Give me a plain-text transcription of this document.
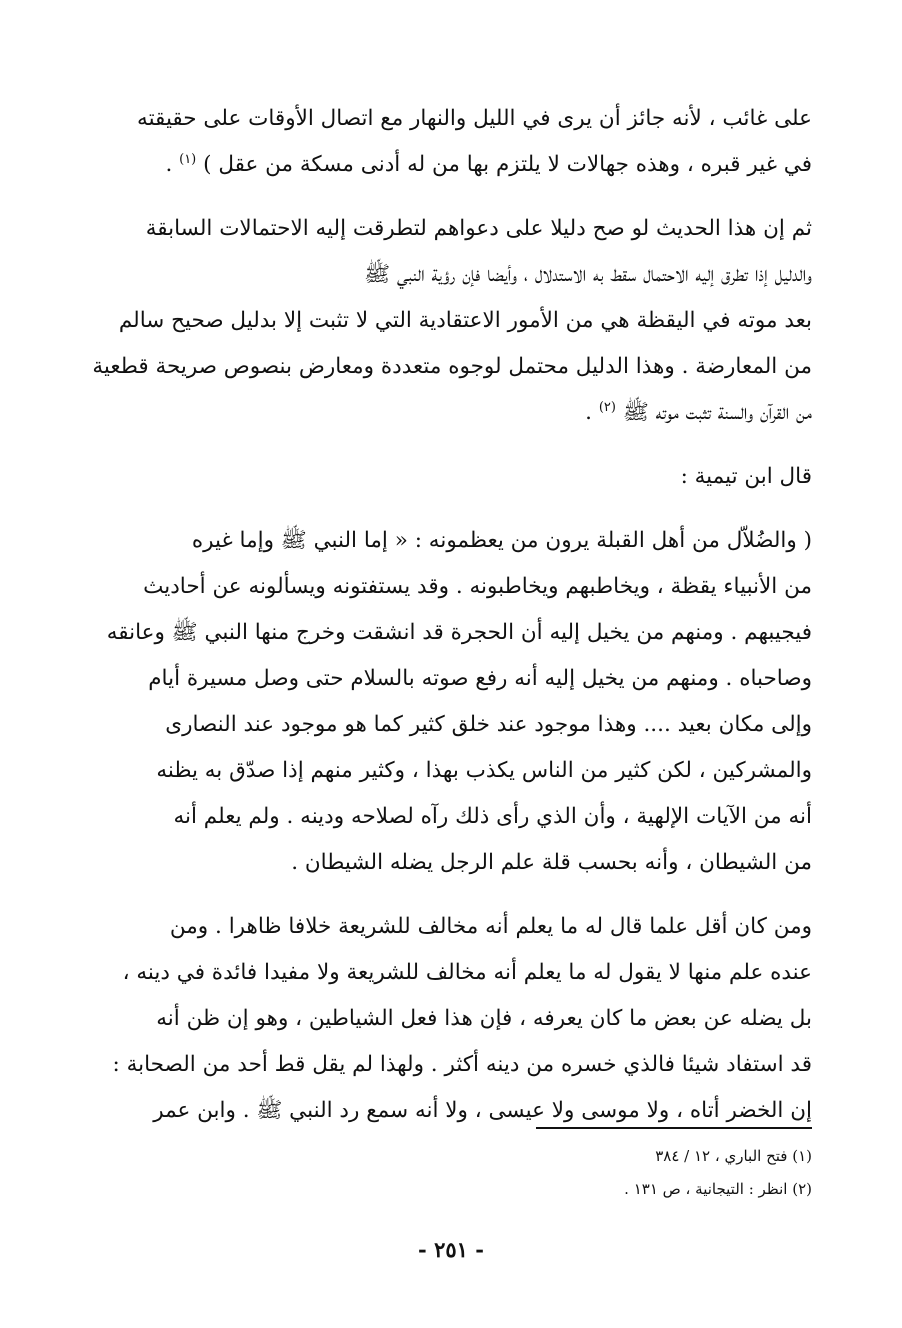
على غائب ، لأنه جائز أن يرى في الليل والنهار مع اتصال الأوقات على حقيقته
في غير قبره ، وهذه جهالات لا يلتزم بها من له أدنى مسكة من عقل ) $^{(١)}$ .

ثم إن هذا الحديث لو صح دليلا على دعواهم لتطرقت إليه الاحتمالات السابقة
والدليل إذا تطرق إليه الاحتمال سقط به الاستدلال ، وأيضا فإن رؤية النبي ﷺ
بعد موته في اليقظة هي من الأمور الاعتقادية التي لا تثبت إلا بدليل صحيح سالم
من المعارضة . وهذا الدليل محتمل لوجوه متعددة ومعارض بنصوص صريحة قطعية
من القرآن والسنة تثبت موته ﷺ $^{(٢)}$ .

قال ابن تيمية :

( والضُلاّل من أهل القبلة يرون من يعظمونه : « إما النبي ﷺ وإما غيره
من الأنبياء يقظة ، ويخاطبهم ويخاطبونه . وقد يستفتونه ويسألونه عن أحاديث
فيجيبهم . ومنهم من يخيل إليه أن الحجرة قد انشقت وخرج منها النبي ﷺ وعانقه
وصاحباه . ومنهم من يخيل إليه أنه رفع صوته بالسلام حتى وصل مسيرة أيام
وإلى مكان بعيد .... وهذا موجود عند خلق كثير كما هو موجود عند النصارى
والمشركين ، لكن كثير من الناس يكذب بهذا ، وكثير منهم إذا صدّق به يظنه
أنه من الآيات الإلهية ، وأن الذي رأى ذلك رآه لصلاحه ودينه . ولم يعلم أنه
من الشيطان ، وأنه بحسب قلة علم الرجل يضله الشيطان .

ومن كان أقل علما قال له ما يعلم أنه مخالف للشريعة خلافا ظاهرا . ومن
عنده علم منها لا يقول له ما يعلم أنه مخالف للشريعة ولا مفيدا فائدة في دينه ،
بل يضله عن بعض ما كان يعرفه ، فإن هذا فعل الشياطين ، وهو إن ظن أنه
قد استفاد شيئا فالذي خسره من دينه أكثر . ولهذا لم يقل قط أحد من الصحابة :
إن الخضر أتاه ، ولا موسى ولا عيسى ، ولا أنه سمع رد النبي ﷺ . وابن عمر

(١) فتح الباري ، ١٢ / ٣٨٤
(٢) انظر : التيجانية ، ص ١٣١ .
- ٢٥١ -
